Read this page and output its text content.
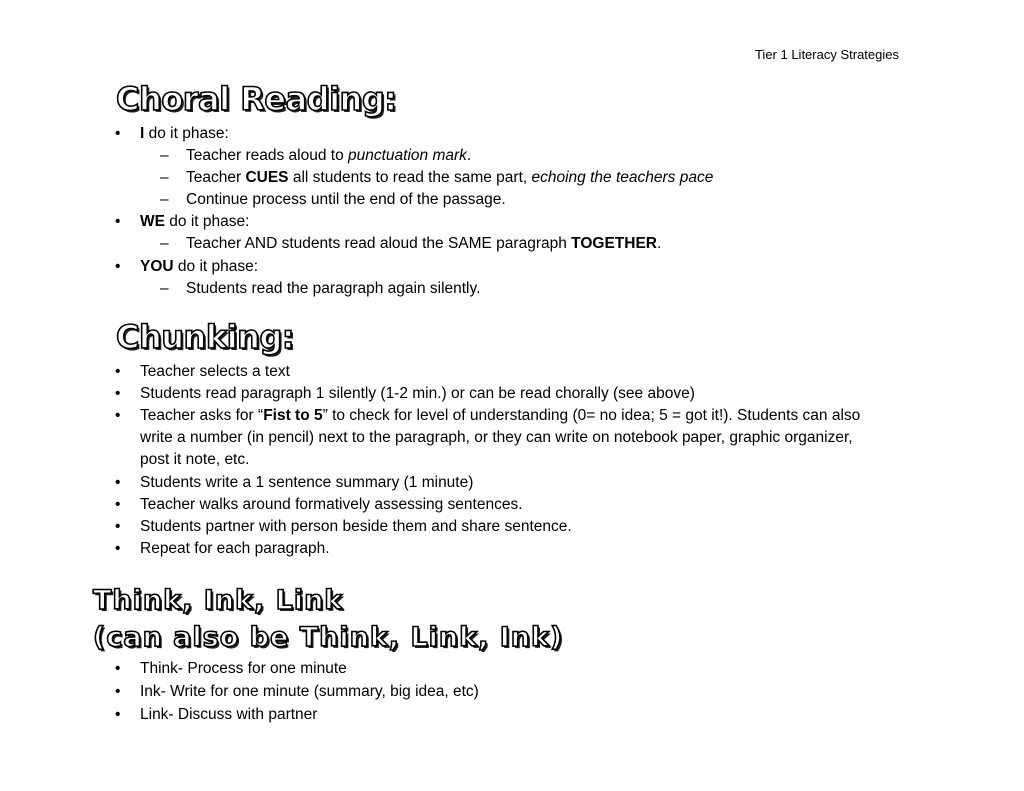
Tier 1 Literacy Strategies
Choral Reading:
• I do it phase:
– Teacher reads aloud to punctuation mark.
– Teacher CUES all students to read the same part, echoing the teachers pace
– Continue process until the end of the passage.
• WE do it phase:
– Teacher AND students read aloud the SAME paragraph TOGETHER.
• YOU do it phase:
– Students read the paragraph again silently.
Chunking:
• Teacher selects a text
• Students read paragraph 1 silently (1-2 min.) or can be read chorally (see above)
• Teacher asks for “Fist to 5” to check for level of understanding (0= no idea; 5 = got it!). Students can also
write a number (in pencil) next to the paragraph, or they can write on notebook paper, graphic organizer,
post it note, etc.
• Students write a 1 sentence summary (1 minute)
• Teacher walks around formatively assessing sentences.
• Students partner with person beside them and share sentence.
• Repeat for each paragraph.
Think, Ink, Link
(can also be Think, Link, Ink)
• Think- Process for one minute
• Ink- Write for one minute (summary, big idea, etc)
• Link- Discuss with partner
